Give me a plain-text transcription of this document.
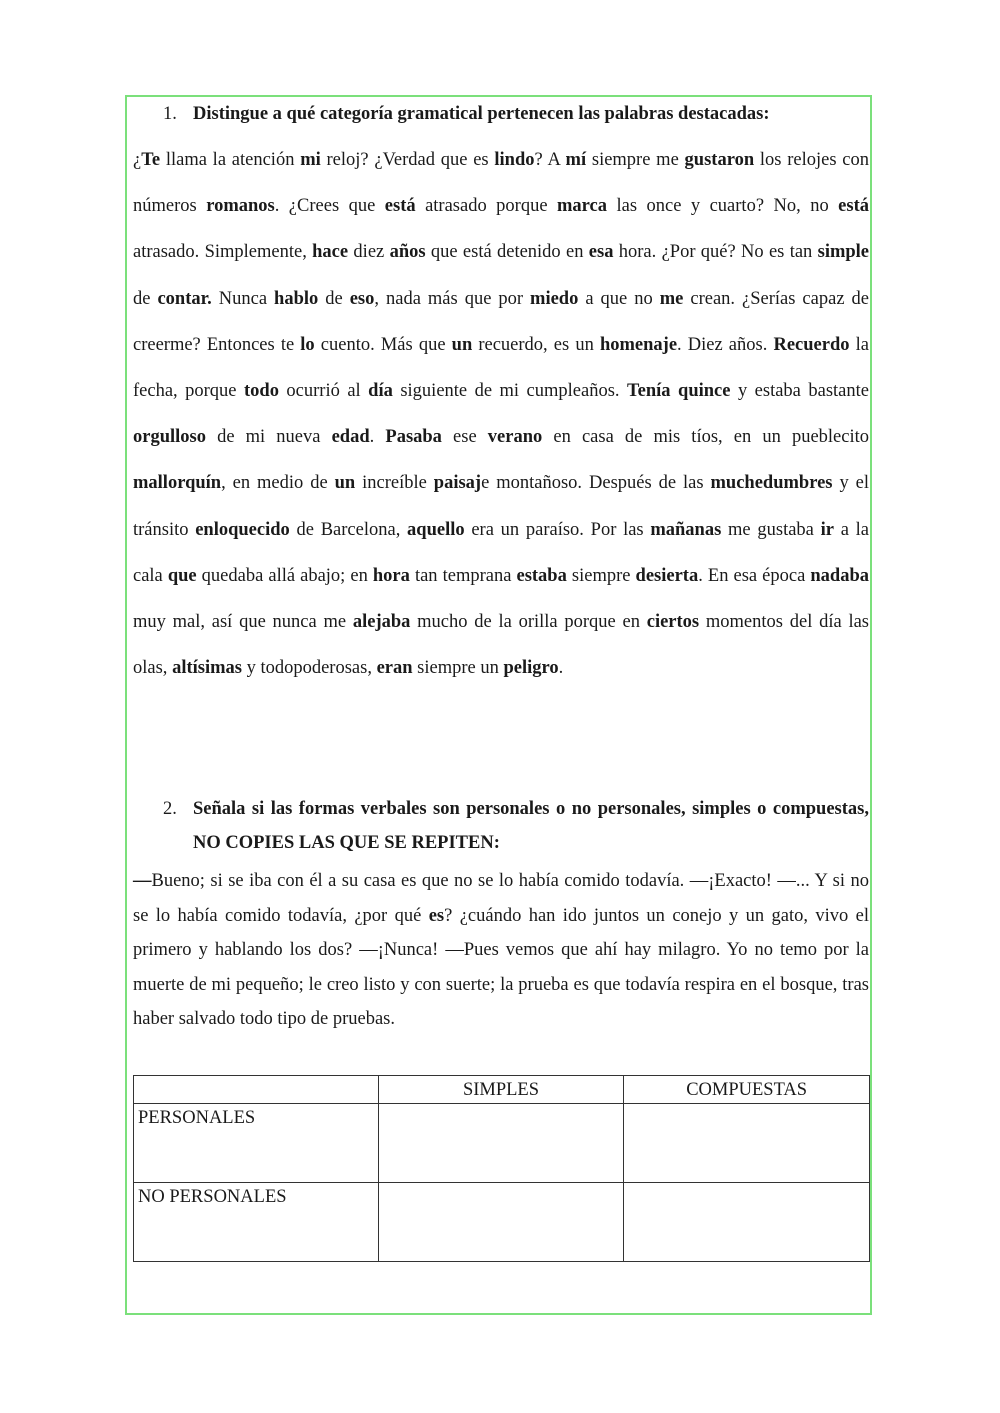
1. Distingue a qué categoría gramatical pertenecen las palabras destacadas:

¿Te llama la atención mi reloj? ¿Verdad que es lindo? A mí siempre me gustaron los relojes con números romanos. ¿Crees que está atrasado porque marca las once y cuarto? No, no está atrasado. Simplemente, hace diez años que está detenido en esa hora. ¿Por qué? No es tan simple de contar. Nunca hablo de eso, nada más que por miedo a que no me crean. ¿Serías capaz de creerme? Entonces te lo cuento. Más que un recuerdo, es un homenaje. Diez años. Recuerdo la fecha, porque todo ocurrió al día siguiente de mi cumpleaños. Tenía quince y estaba bastante orgulloso de mi nueva edad. Pasaba ese verano en casa de mis tíos, en un pueblecito mallorquín, en medio de un increíble paisaje montañoso. Después de las muchedumbres y el tránsito enloquecido de Barcelona, aquello era un paraíso. Por las mañanas me gustaba ir a la cala que quedaba allá abajo; en hora tan temprana estaba siempre desierta. En esa época nadaba muy mal, así que nunca me alejaba mucho de la orilla porque en ciertos momentos del día las olas, altísimas y todopoderosas, eran siempre un peligro.

2. Señala si las formas verbales son personales o no personales, simples o compuestas, NO COPIES LAS QUE SE REPITEN:

—Bueno; si se iba con él a su casa es que no se lo había comido todavía. —¡Exacto! —... Y si no se lo había comido todavía, ¿por qué es? ¿cuándo han ido juntos un conejo y un gato, vivo el primero y hablando los dos? —¡Nunca! —Pues vemos que ahí hay milagro. Yo no temo por la muerte de mi pequeño; le creo listo y con suerte; la prueba es que todavía respira en el bosque, tras haber salvado todo tipo de pruebas.

	SIMPLES	COMPUESTAS
PERSONALES		
NO PERSONALES		
